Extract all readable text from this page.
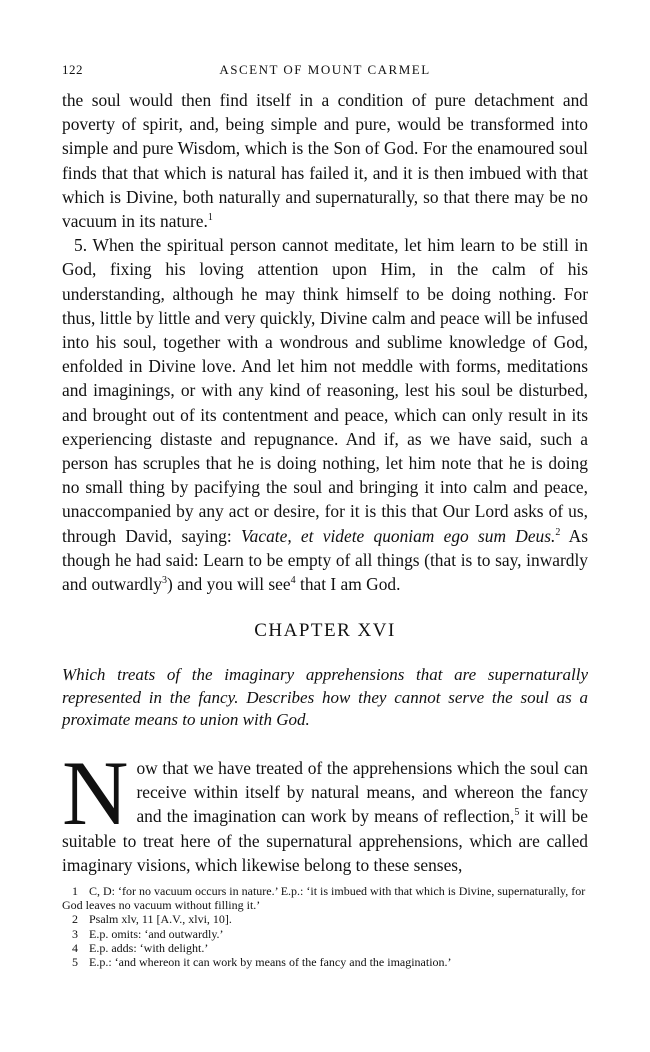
122	ASCENT OF MOUNT CARMEL

the soul would then find itself in a condition of pure detachment and poverty of spirit, and, being simple and pure, would be transformed into simple and pure Wisdom, which is the Son of God. For the enamoured soul finds that that which is natural has failed it, and it is then imbued with that which is Divine, both naturally and supernaturally, so that there may be no vacuum in its nature.$^1$

5. When the spiritual person cannot meditate, let him learn to be still in God, fixing his loving attention upon Him, in the calm of his understanding, although he may think himself to be doing nothing. For thus, little by little and very quickly, Divine calm and peace will be infused into his soul, together with a wondrous and sublime knowledge of God, enfolded in Divine love. And let him not meddle with forms, meditations and imaginings, or with any kind of reasoning, lest his soul be disturbed, and brought out of its contentment and peace, which can only result in its experiencing distaste and repugnance. And if, as we have said, such a person has scruples that he is doing nothing, let him note that he is doing no small thing by pacifying the soul and bringing it into calm and peace, unaccompanied by any act or desire, for it is this that Our Lord asks of us, through David, saying: Vacate, et videte quoniam ego sum Deus.$^2$ As though he had said: Learn to be empty of all things (that is to say, inwardly and outwardly$^3$) and you will see$^4$ that I am God.

CHAPTER XVI
Which treats of the imaginary apprehensions that are supernaturally represented in the fancy. Describes how they cannot serve the soul as a proximate means to union with God.
Now that we have treated of the apprehensions which the soul can receive within itself by natural means, and whereon the fancy and the imagination can work by means of reflection,$^5$ it will be suitable to treat here of the supernatural apprehensions, which are called imaginary visions, which likewise belong to these senses,

1 C, D: ‘for no vacuum occurs in nature.’ E.p.: ‘it is imbued with that which is Divine, supernaturally, for God leaves no vacuum without filling it.’

2 Psalm xlv, 11 [A.V., xlvi, 10].

3 E.p. omits: ‘and outwardly.’

4 E.p. adds: ‘with delight.’

5 E.p.: ‘and whereon it can work by means of the fancy and the imagination.’
